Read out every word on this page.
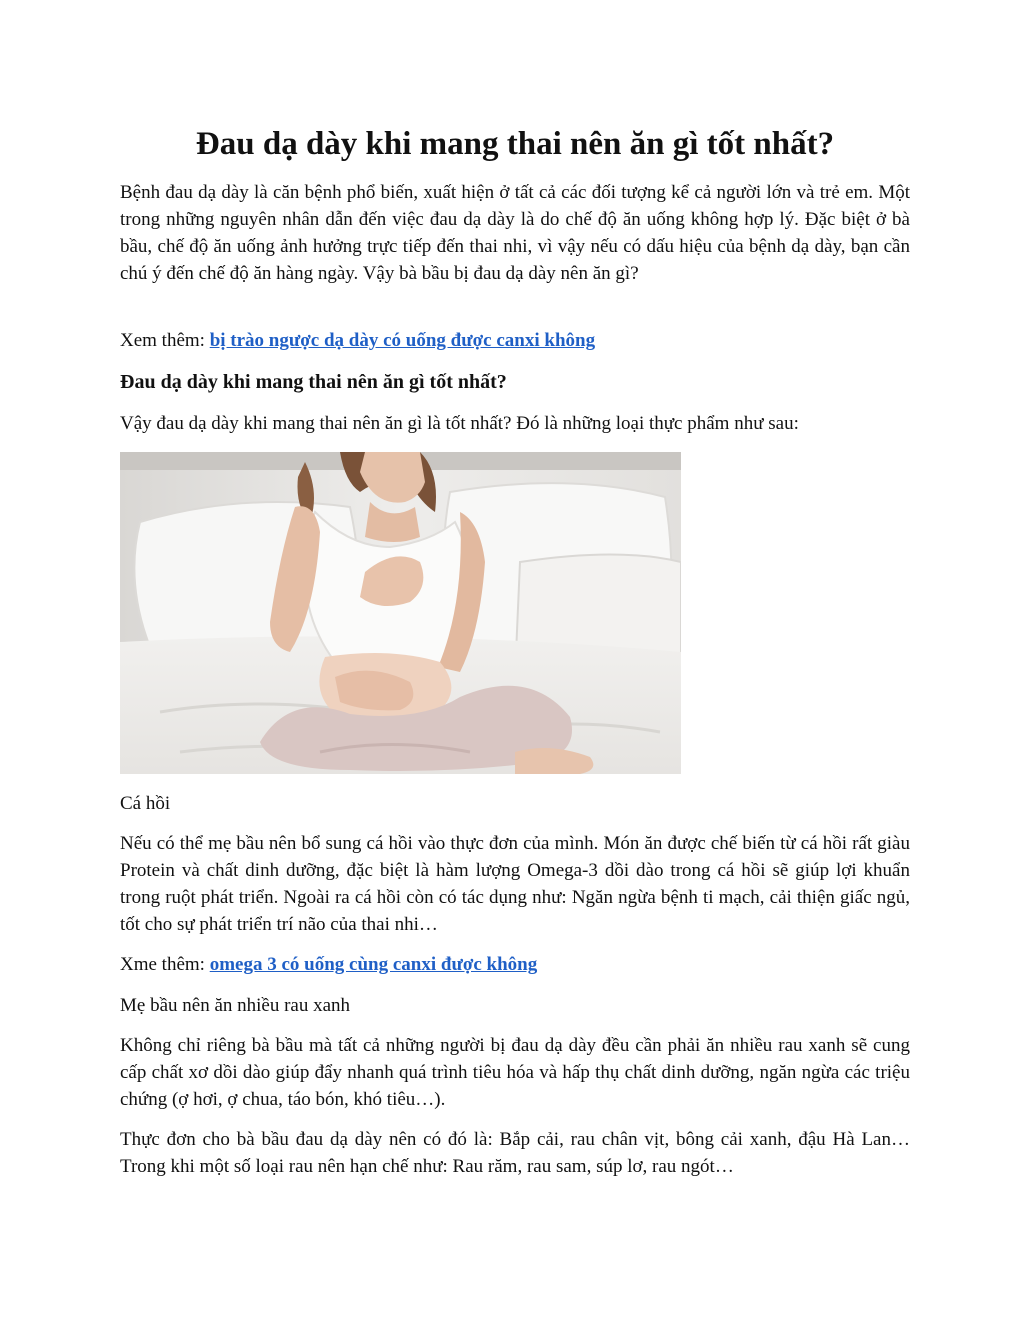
Đau dạ dày khi mang thai nên ăn gì tốt nhất?

Bệnh đau dạ dày là căn bệnh phổ biến, xuất hiện ở tất cả các đối tượng kể cả người lớn và trẻ em. Một trong những nguyên nhân dẫn đến việc đau dạ dày là do chế độ ăn uống không hợp lý. Đặc biệt ở bà bầu, chế độ ăn uống ảnh hưởng trực tiếp đến thai nhi, vì vậy nếu có dấu hiệu của bệnh dạ dày, bạn cần chú ý đến chế độ ăn hàng ngày. Vậy bà bầu bị đau dạ dày nên ăn gì?

Xem thêm: bị trào ngược dạ dày có uống được canxi không

Đau dạ dày khi mang thai nên ăn gì tốt nhất?

Vậy đau dạ dày khi mang thai nên ăn gì là tốt nhất? Đó là những loại thực phẩm như sau:

Cá hồi

Nếu có thể mẹ bầu nên bổ sung cá hồi vào thực đơn của mình. Món ăn được chế biến từ cá hồi rất giàu Protein và chất dinh dưỡng, đặc biệt là hàm lượng Omega-3 dồi dào trong cá hồi sẽ giúp lợi khuẩn trong ruột phát triển. Ngoài ra cá hồi còn có tác dụng như: Ngăn ngừa bệnh ti mạch, cải thiện giấc ngủ, tốt cho sự phát triển trí não của thai nhi…

Xme thêm: omega 3 có uống cùng canxi được không

Mẹ bầu nên ăn nhiều rau xanh

Không chỉ riêng bà bầu mà tất cả những người bị đau dạ dày đều cần phải ăn nhiều rau xanh sẽ cung cấp chất xơ dồi dào giúp đẩy nhanh quá trình tiêu hóa và hấp thụ chất dinh dưỡng, ngăn ngừa các triệu chứng (ợ hơi, ợ chua, táo bón, khó tiêu…).

Thực đơn cho bà bầu đau dạ dày nên có đó là: Bắp cải, rau chân vịt, bông cải xanh, đậu Hà Lan…Trong khi một số loại rau nên hạn chế như: Rau răm, rau sam, súp lơ, rau ngót…
